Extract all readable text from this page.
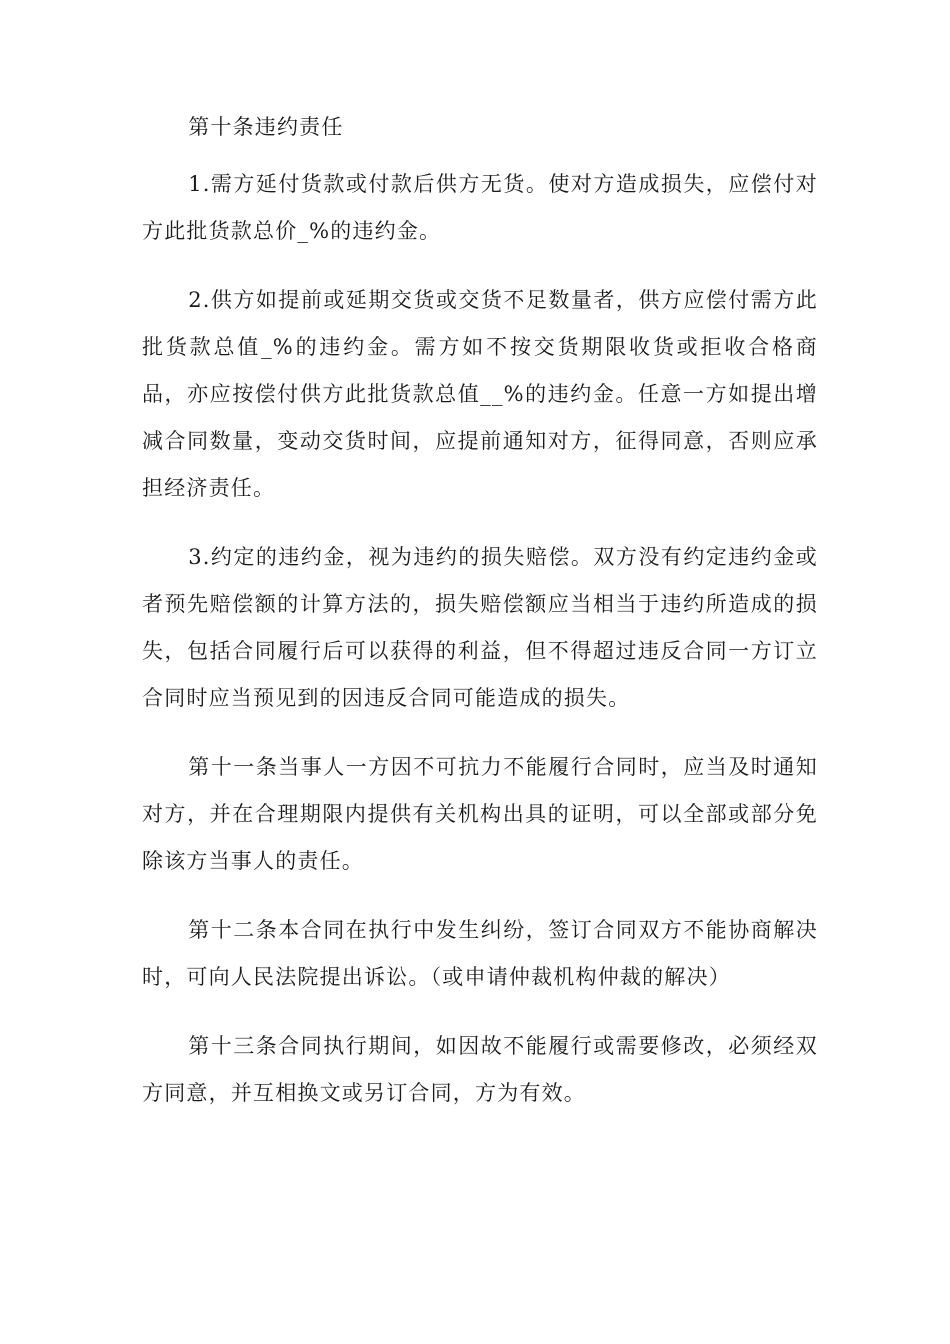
第十条违约责任

1.需方延付货款或付款后供方无货。使对方造成损失，应偿付对方此批货款总价_%的违约金。

2.供方如提前或延期交货或交货不足数量者，供方应偿付需方此批货款总值_%的违约金。需方如不按交货期限收货或拒收合格商品，亦应按偿付供方此批货款总值__%的违约金。任意一方如提出增减合同数量，变动交货时间，应提前通知对方，征得同意，否则应承担经济责任。

3.约定的违约金，视为违约的损失赔偿。双方没有约定违约金或者预先赔偿额的计算方法的，损失赔偿额应当相当于违约所造成的损失，包括合同履行后可以获得的利益，但不得超过违反合同一方订立合同时应当预见到的因违反合同可能造成的损失。

第十一条当事人一方因不可抗力不能履行合同时，应当及时通知对方，并在合理期限内提供有关机构出具的证明，可以全部或部分免除该方当事人的责任。

第十二条本合同在执行中发生纠纷，签订合同双方不能协商解决时，可向人民法院提出诉讼。（或申请仲裁机构仲裁的解决）

第十三条合同执行期间，如因故不能履行或需要修改，必须经双方同意，并互相换文或另订合同，方为有效。
